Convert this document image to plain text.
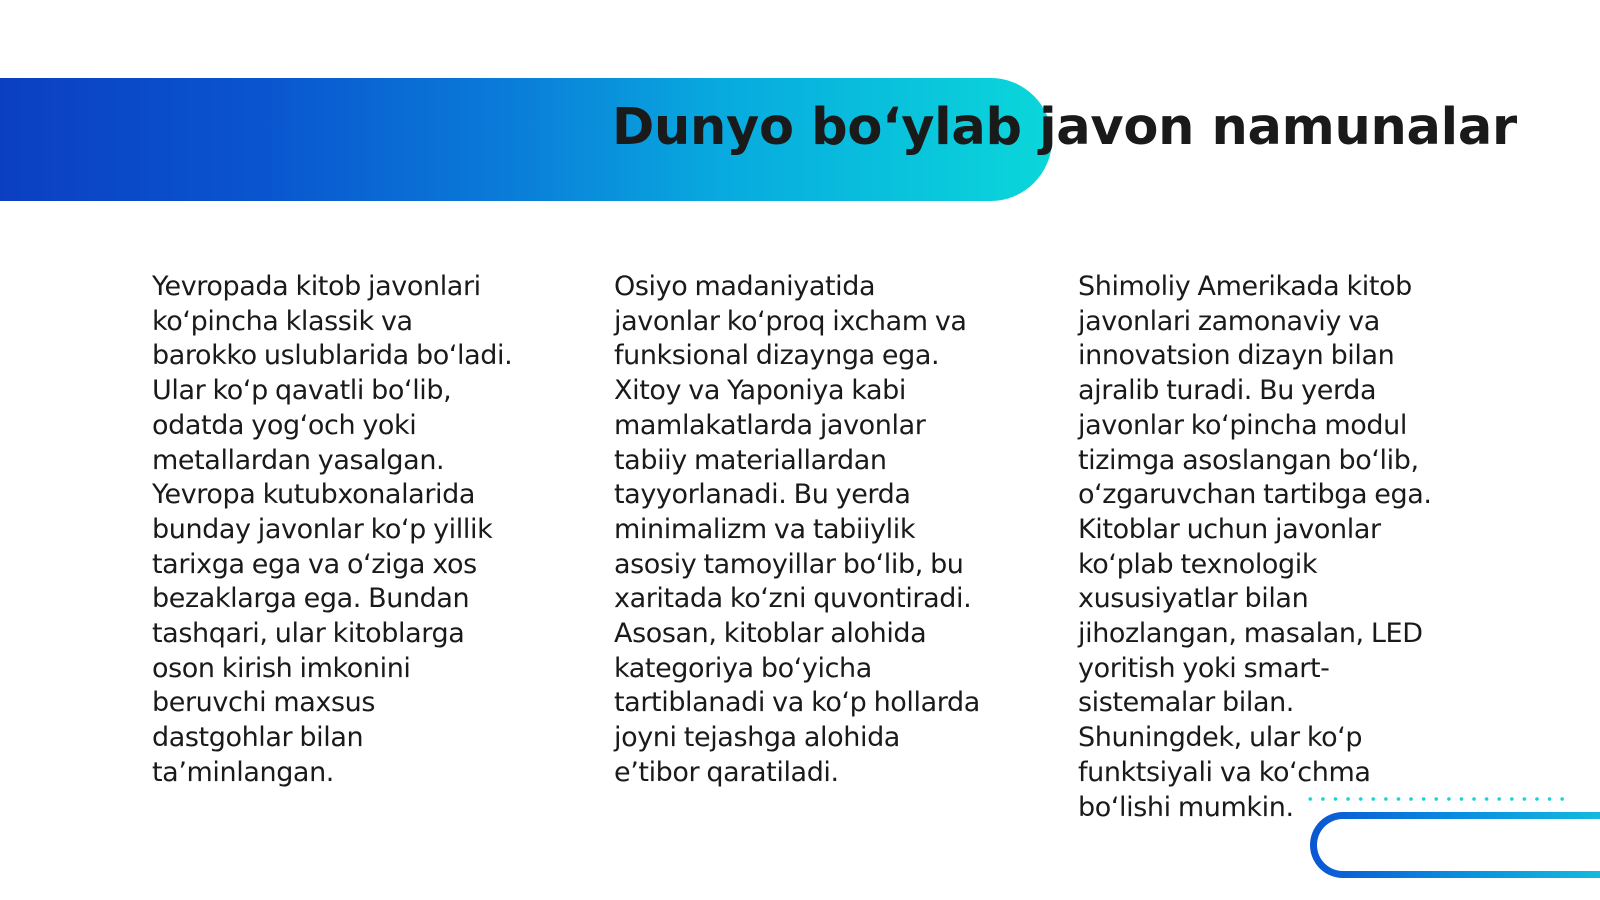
Dunyo bo‘ylab javon namunalar

Yevropada kitob javonlari ko‘pincha klassik va barokko uslublarida bo‘ladi. Ular ko‘p qavatli bo‘lib, odatda yog‘och yoki metallardan yasalgan. Yevropa kutubxonalarida bunday javonlar ko‘p yillik tarixga ega va o‘ziga xos bezaklarga ega. Bundan tashqari, ular kitoblarga oson kirish imkonini beruvchi maxsus dastgohlar bilan ta’minlangan.

Osiyo madaniyatida javonlar ko‘proq ixcham va funksional dizaynga ega. Xitoy va Yaponiya kabi mamlakatlarda javonlar tabiiy materiallardan tayyorlanadi. Bu yerda minimalizm va tabiiylik asosiy tamoyillar bo‘lib, bu xaritada ko‘zni quvontiradi. Asosan, kitoblar alohida kategoriya bo‘yicha tartiblanadi va ko‘p hollarda joyni tejashga alohida e’tibor qaratiladi.

Shimoliy Amerikada kitob javonlari zamonaviy va innovatsion dizayn bilan ajralib turadi. Bu yerda javonlar ko‘pincha modul tizimga asoslangan bo‘lib, o‘zgaruvchan tartibga ega. Kitoblar uchun javonlar ko‘plab texnologik xususiyatlar bilan jihozlangan, masalan, LED yoritish yoki smart-sistemalar bilan. Shuningdek, ular ko‘p funktsiyali va ko‘chma bo‘lishi mumkin.
